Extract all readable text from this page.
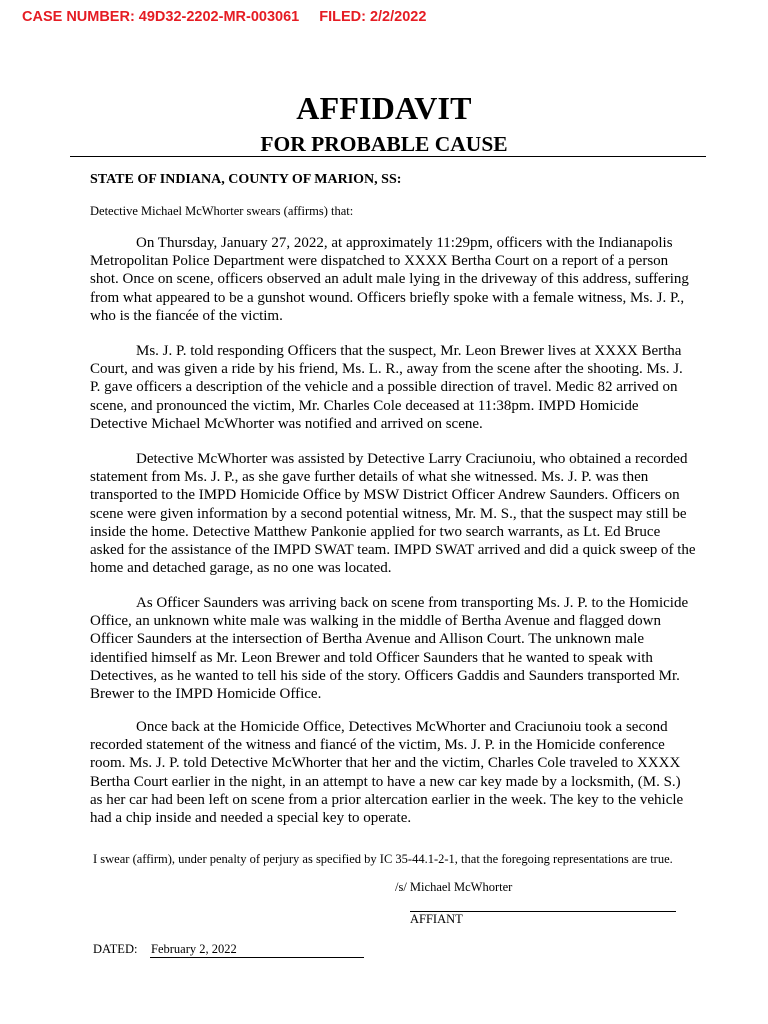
CASE NUMBER: 49D32-2202-MR-003061 FILED: 2/2/2022
AFFIDAVIT
FOR PROBABLE CAUSE
STATE OF INDIANA, COUNTY OF MARION, SS:
Detective Michael McWhorter swears (affirms) that:

On Thursday, January 27, 2022, at approximately 11:29pm, officers with the Indianapolis Metropolitan Police Department were dispatched to XXXX Bertha Court on a report of a person shot. Once on scene, officers observed an adult male lying in the driveway of this address, suffering from what appeared to be a gunshot wound. Officers briefly spoke with a female witness, Ms. J. P., who is the fiancée of the victim.

Ms. J. P. told responding Officers that the suspect, Mr. Leon Brewer lives at XXXX Bertha Court, and was given a ride by his friend, Ms. L. R., away from the scene after the shooting. Ms. J. P. gave officers a description of the vehicle and a possible direction of travel. Medic 82 arrived on scene, and pronounced the victim, Mr. Charles Cole deceased at 11:38pm. IMPD Homicide Detective Michael McWhorter was notified and arrived on scene.

Detective McWhorter was assisted by Detective Larry Craciunoiu, who obtained a recorded statement from Ms. J. P., as she gave further details of what she witnessed. Ms. J. P. was then transported to the IMPD Homicide Office by MSW District Officer Andrew Saunders. Officers on scene were given information by a second potential witness, Mr. M. S., that the suspect may still be inside the home. Detective Matthew Pankonie applied for two search warrants, as Lt. Ed Bruce asked for the assistance of the IMPD SWAT team. IMPD SWAT arrived and did a quick sweep of the home and detached garage, as no one was located.

As Officer Saunders was arriving back on scene from transporting Ms. J. P. to the Homicide Office, an unknown white male was walking in the middle of Bertha Avenue and flagged down Officer Saunders at the intersection of Bertha Avenue and Allison Court. The unknown male identified himself as Mr. Leon Brewer and told Officer Saunders that he wanted to speak with Detectives, as he wanted to tell his side of the story. Officers Gaddis and Saunders transported Mr. Brewer to the IMPD Homicide Office.

Once back at the Homicide Office, Detectives McWhorter and Craciunoiu took a second recorded statement of the witness and fiancé of the victim, Ms. J. P. in the Homicide conference room. Ms. J. P. told Detective McWhorter that her and the victim, Charles Cole traveled to XXXX Bertha Court earlier in the night, in an attempt to have a new car key made by a locksmith, (M. S.) as her car had been left on scene from a prior altercation earlier in the week. The key to the vehicle had a chip inside and needed a special key to operate.

I swear (affirm), under penalty of perjury as specified by IC 35-44.1-2-1, that the foregoing representations are true.
/s/ Michael McWhorter
AFFIANT
DATED: February 2, 2022
